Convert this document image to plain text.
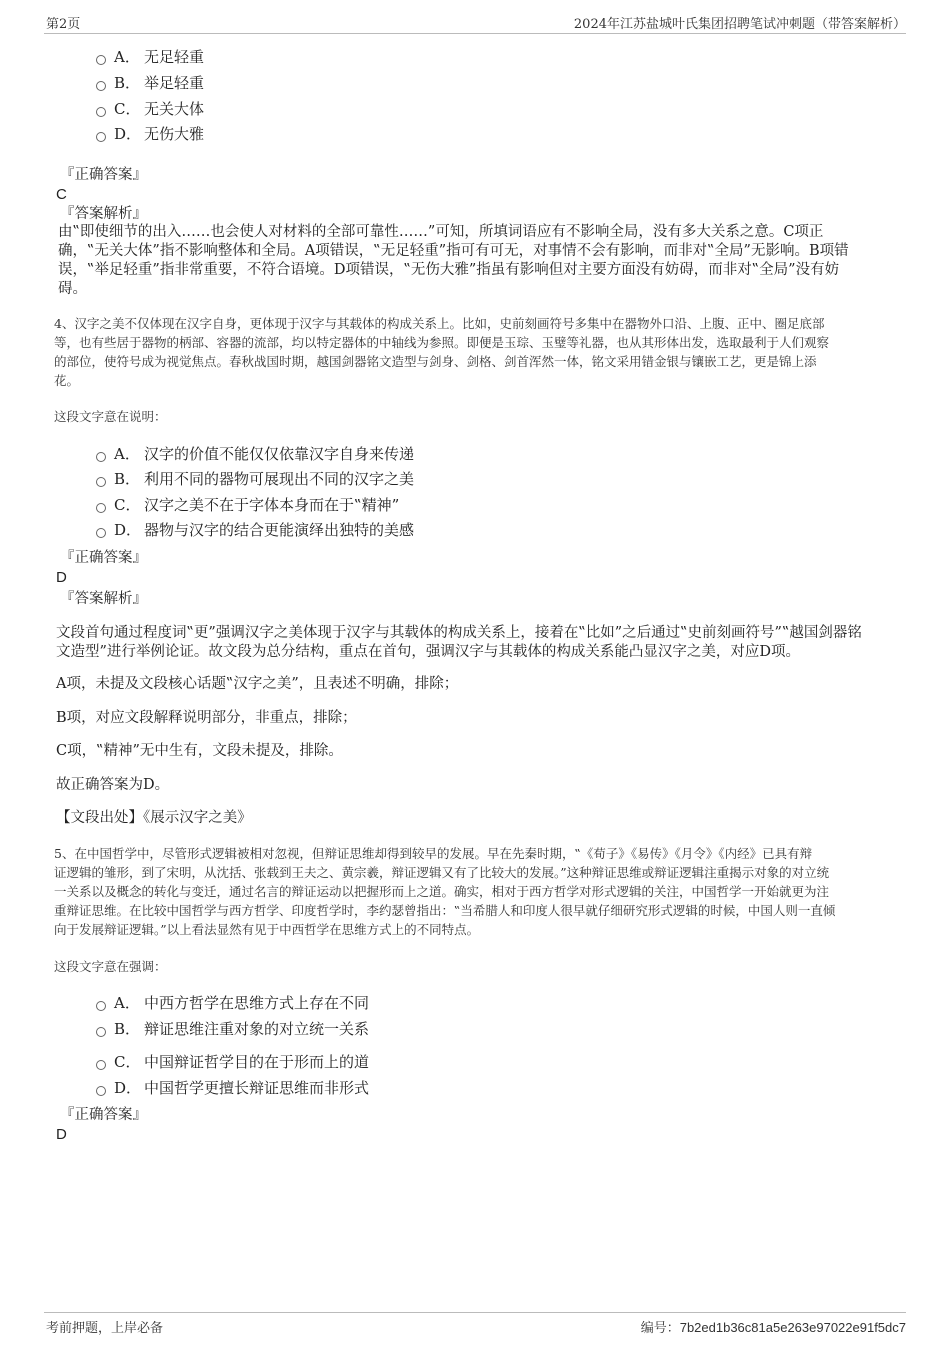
第2页	2024年江苏盐城叶氏集团招聘笔试冲刺题（带答案解析）
A． 无足轻重
B． 举足轻重
C． 无关大体
D． 无伤大雅
『正确答案』
C
『答案解析』
由‟即使细节的出入……也会使人对材料的全部可靠性……”可知，所填词语应有不影响全局，没有多大关系之意。C项正
确，‟无关大体”指不影响整体和全局。A项错误，‟无足轻重”指可有可无，对事情不会有影响，而非对‟全局”无影响。B项错
误，‟举足轻重”指非常重要，不符合语境。D项错误，‟无伤大雅”指虽有影响但对主要方面没有妨碍，而非对‟全局”没有妨
碍。
4、汉字之美不仅体现在汉字自身，更体现于汉字与其载体的构成关系上。比如，史前刻画符号多集中在器物外口沿、上腹、正中、圈足底部
等，也有些居于器物的柄部、容器的流部，均以特定器体的中轴线为参照。即便是玉琮、玉璧等礼器，也从其形体出发，选取最利于人们观察
的部位，使符号成为视觉焦点。春秋战国时期，越国剑器铭文造型与剑身、剑格、剑首浑然一体，铭文采用错金银与镶嵌工艺，更是锦上添
花。
这段文字意在说明：
A． 汉字的价值不能仅仅依靠汉字自身来传递
B． 利用不同的器物可展现出不同的汉字之美
C． 汉字之美不在于字体本身而在于‟精神”
D． 器物与汉字的结合更能演绎出独特的美感
『正确答案』
D
『答案解析』
文段首句通过程度词‟更”强调汉字之美体现于汉字与其载体的构成关系上，接着在‟比如”之后通过‟史前刻画符号”‟越国剑器铭
文造型”进行举例论证。故文段为总分结构，重点在首句，强调汉字与其载体的构成关系能凸显汉字之美，对应D项。
A项，未提及文段核心话题‟汉字之美”，且表述不明确，排除；
B项，对应文段解释说明部分，非重点，排除；
C项，‟精神”无中生有，文段未提及，排除。
故正确答案为D。
【文段出处】《展示汉字之美》
5、在中国哲学中，尽管形式逻辑被相对忽视，但辩证思维却得到较早的发展。早在先秦时期，‟《荀子》《易传》《月令》《内经》已具有辩
证逻辑的雏形，到了宋明，从沈括、张载到王夫之、黄宗羲，辩证逻辑又有了比较大的发展。”这种辩证思维或辩证逻辑注重揭示对象的对立统
一关系以及概念的转化与变迁，通过名言的辩证运动以把握形而上之道。确实，相对于西方哲学对形式逻辑的关注，中国哲学一开始就更为注
重辩证思维。在比较中国哲学与西方哲学、印度哲学时，李约瑟曾指出：‟当希腊人和印度人很早就仔细研究形式逻辑的时候，中国人则一直倾
向于发展辩证逻辑。”以上看法显然有见于中西哲学在思维方式上的不同特点。
这段文字意在强调：
A． 中西方哲学在思维方式上存在不同
B． 辩证思维注重对象的对立统一关系
C． 中国辩证哲学目的在于形而上的道
D． 中国哲学更擅长辩证思维而非形式
『正确答案』
D
考前押题，上岸必备	编号：7b2ed1b36c81a5e263e97022e91f5dc7
